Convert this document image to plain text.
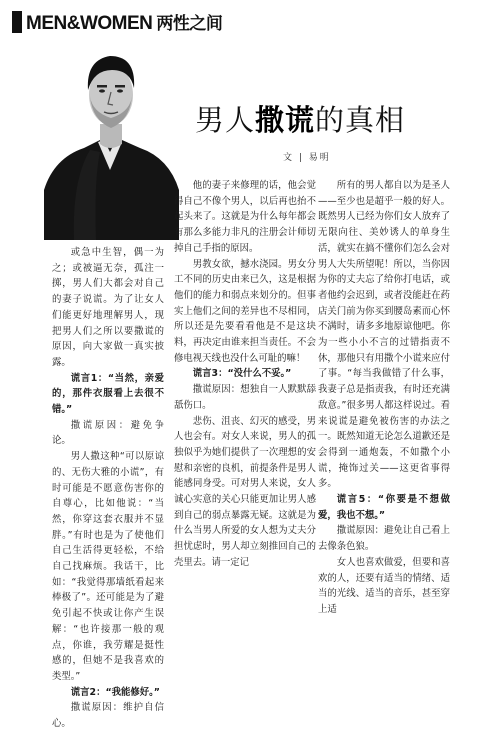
MEN&WOMEN 两性之间
男人撒谎的真相
文 | 易明

或急中生智，偶一为之；或被逼无奈，孤注一掷，男人们大都会对自己的妻子说谎。为了让女人们能更好地理解男人，现把男人们之所以要撒谎的原因，向大家做一真实披露。

谎言1：“当然，亲爱的，那件衣服看上去很不错。”

撒谎原因：避免争论。

男人撒这种“可以原谅的、无伤大雅的小谎”，有时可能是不愿意伤害你的自尊心，比如他说：“当然，你穿这套衣服并不显胖。”有时也是为了使他们自己生活得更轻松，不给自己找麻烦。我话干，比如：“我觉得那墙纸看起来棒极了”。还可能是为了避免引起不快或让你产生误解：“也许接那一般的观点，你谁，我劳耀是挺性感的，但她不是我喜欢的类型。”

谎言2：“我能修好。”

撒谎原因：维护自信心。

他的妻子来修理的话，他会觉得自己不像个男人，以后再也抬不起头来了。这就是为什么每年都会有那么多能力非凡的注册会计师切掉自己手指的原因。

男教女欲，撼水浇园。男女分工不同的历史由来已久，这是根据他们的能力和弱点来划分的。但事实上他们之间的差异也不尽相同，所以还是先要看看他是不是这块料，再决定由谁来担当责任。不会修电视天线也没什么可耻的嘛！

谎言3：“没什么不妥。”

撒谎原因：想独自一人默默舔舐伤口。

悲伤、沮丧、幻灭的感受，男人也会有。对女人来说，男人的孤独似乎为她们提供了一次理想的安慰和亲密的良机，前提条件是男人能感同身受。可对男人来说，女人诚心实意的关心只能更加让男人感到自己的弱点暴露无疑。这就是为什么当男人所爱的女人想为丈夫分担忧虑时，男人却立刻推回自己的壳里去。请一定记

所有的男人都自以为是圣人——至少也是超乎一般的好人。既然男人已经为你们女人放弃了无限向往、美妙诱人的单身生活，就实在搞不懂你们怎么会对男人大失所望呢！所以，当你因为你的丈夫忘了给你打电话，或者他约会迟到，或者没能赶在药店关门前为你买到腰岛素而心怀不满时，请多多地原谅他吧。你为一些小小不言的过错指责不休，那他只有用撒个小谎来应付了事。“每当我做错了什么事，我妻子总是指责我，有时还充满敌意。”很多男人都这样说过。看来说谎是避免被伤害的办法之一。既然知道无论怎么道歉还是会得到一通炮轰，不如撒个小谎，掩饰过关——这更省事得多。

谎言5：“你要是不想做爱，我也不想。”

撒谎原因：避免让自己看上去像条色狼。

女人也喜欢做爱，但要和喜欢的人，还要有适当的情绪、适当的光线、适当的音乐，甚至穿上适
